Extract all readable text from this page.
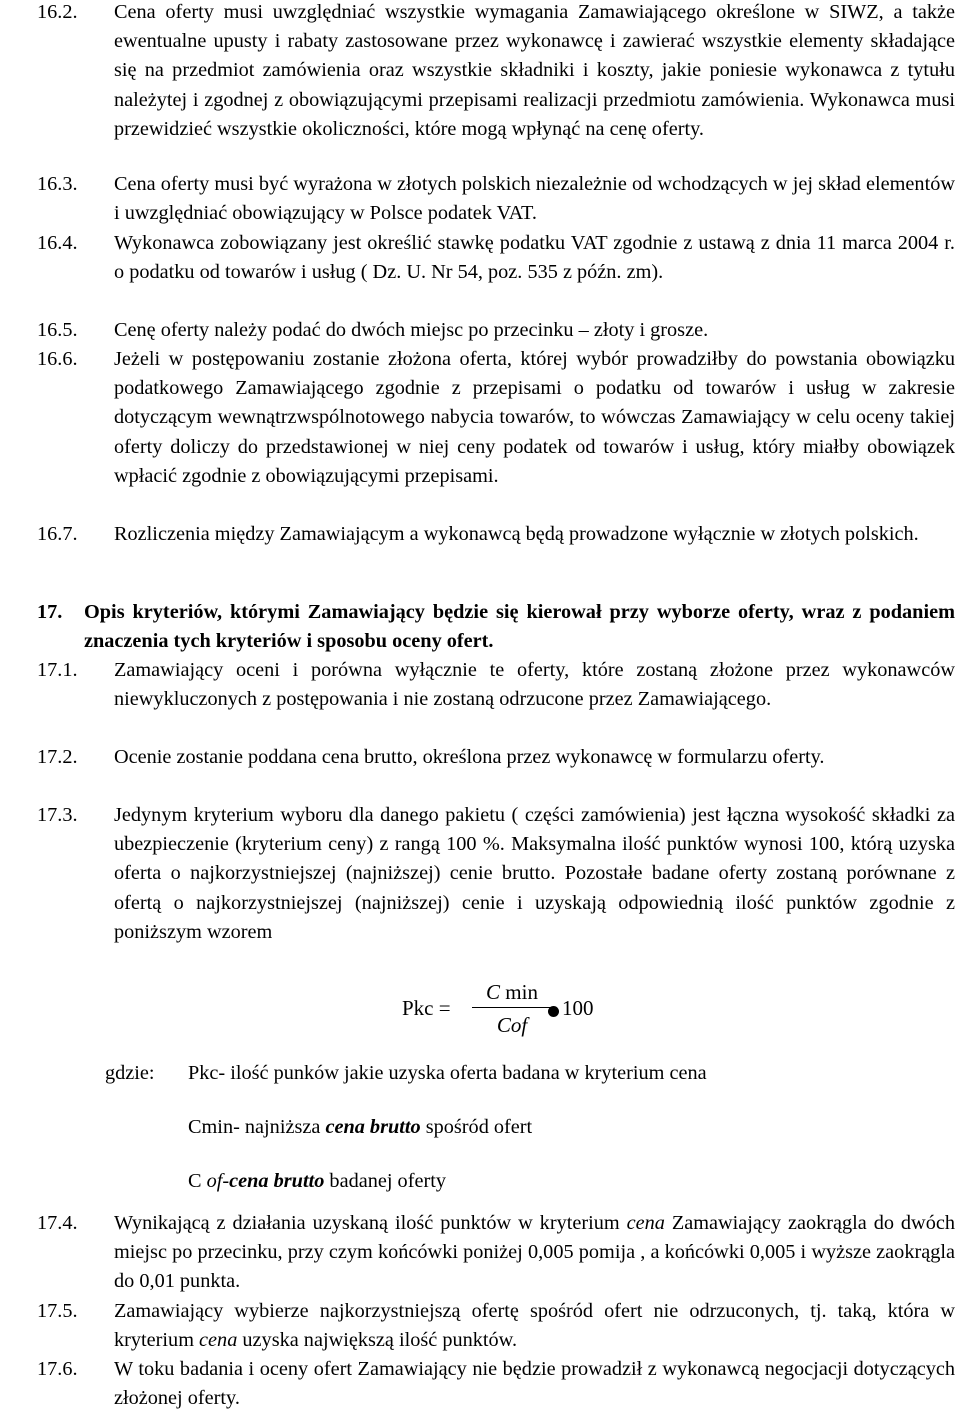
16.2. Cena oferty musi uwzględniać wszystkie wymagania Zamawiającego określone w SIWZ, a także ewentualne upusty i rabaty zastosowane przez wykonawcę i zawierać wszystkie elementy składające się na przedmiot zamówienia oraz wszystkie składniki i koszty, jakie poniesie wykonawca z tytułu należytej i zgodnej z obowiązującymi przepisami realizacji przedmiotu zamówienia. Wykonawca musi przewidzieć wszystkie okoliczności, które mogą wpłynąć na cenę oferty.
16.3. Cena oferty musi być wyrażona w złotych polskich niezależnie od wchodzących w jej skład elementów i uwzględniać obowiązujący w Polsce podatek VAT.
16.4. Wykonawca zobowiązany jest określić stawkę podatku VAT zgodnie z ustawą z dnia 11 marca 2004 r. o podatku od towarów i usług ( Dz. U. Nr 54, poz. 535 z późn. zm).
16.5. Cenę oferty należy podać do dwóch miejsc po przecinku – złoty i grosze.
16.6. Jeżeli w postępowaniu zostanie złożona oferta, której wybór prowadziłby do powstania obowiązku podatkowego Zamawiającego zgodnie z przepisami o podatku od towarów i usług w zakresie dotyczącym wewnątrzwspólnotowego nabycia towarów, to wówczas Zamawiający w celu oceny takiej oferty doliczy do przedstawionej w niej ceny podatek od towarów i usług, który miałby obowiązek wpłacić zgodnie z obowiązującymi przepisami.
16.7. Rozliczenia między Zamawiającym a wykonawcą będą prowadzone wyłącznie w złotych polskich.
17. Opis kryteriów, którymi Zamawiający będzie się kierował przy wyborze oferty, wraz z podaniem znaczenia tych kryteriów i sposobu oceny ofert.
17.1. Zamawiający oceni i porówna wyłącznie te oferty, które zostaną złożone przez wykonawców niewykluczonych z postępowania i nie zostaną odrzucone przez Zamawiającego.
17.2. Ocenie zostanie poddana cena brutto, określona przez wykonawcę w formularzu oferty.
17.3. Jedynym kryterium wyboru dla danego pakietu ( części zamówienia) jest łączna wysokość składki za ubezpieczenie (kryterium ceny) z rangą 100 %. Maksymalna ilość punktów wynosi 100, którą uzyska oferta o najkorzystniejszej (najniższej) cenie brutto. Pozostałe badane oferty zostaną porównane z ofertą o najkorzystniejszej (najniższej) cenie i uzyskają odpowiednią ilość punktów zgodnie z poniższym wzorem
Pkc =
C min
Cof
100
gdzie: Pkc- ilość punków jakie uzyska oferta badana w kryterium cena
Cmin- najniższa cena brutto spośród ofert
C of-cena brutto badanej oferty
17.4. Wynikającą z działania uzyskaną ilość punktów w kryterium cena Zamawiający zaokrągla do dwóch miejsc po przecinku, przy czym końcówki poniżej 0,005 pomija , a końcówki 0,005 i wyższe zaokrągla do 0,01 punkta.
17.5. Zamawiający wybierze najkorzystniejszą ofertę spośród ofert nie odrzuconych, tj. taką, która w kryterium cena uzyska największą ilość punktów.
17.6. W toku badania i oceny ofert Zamawiający nie będzie prowadził z wykonawcą negocjacji dotyczących złożonej oferty.
